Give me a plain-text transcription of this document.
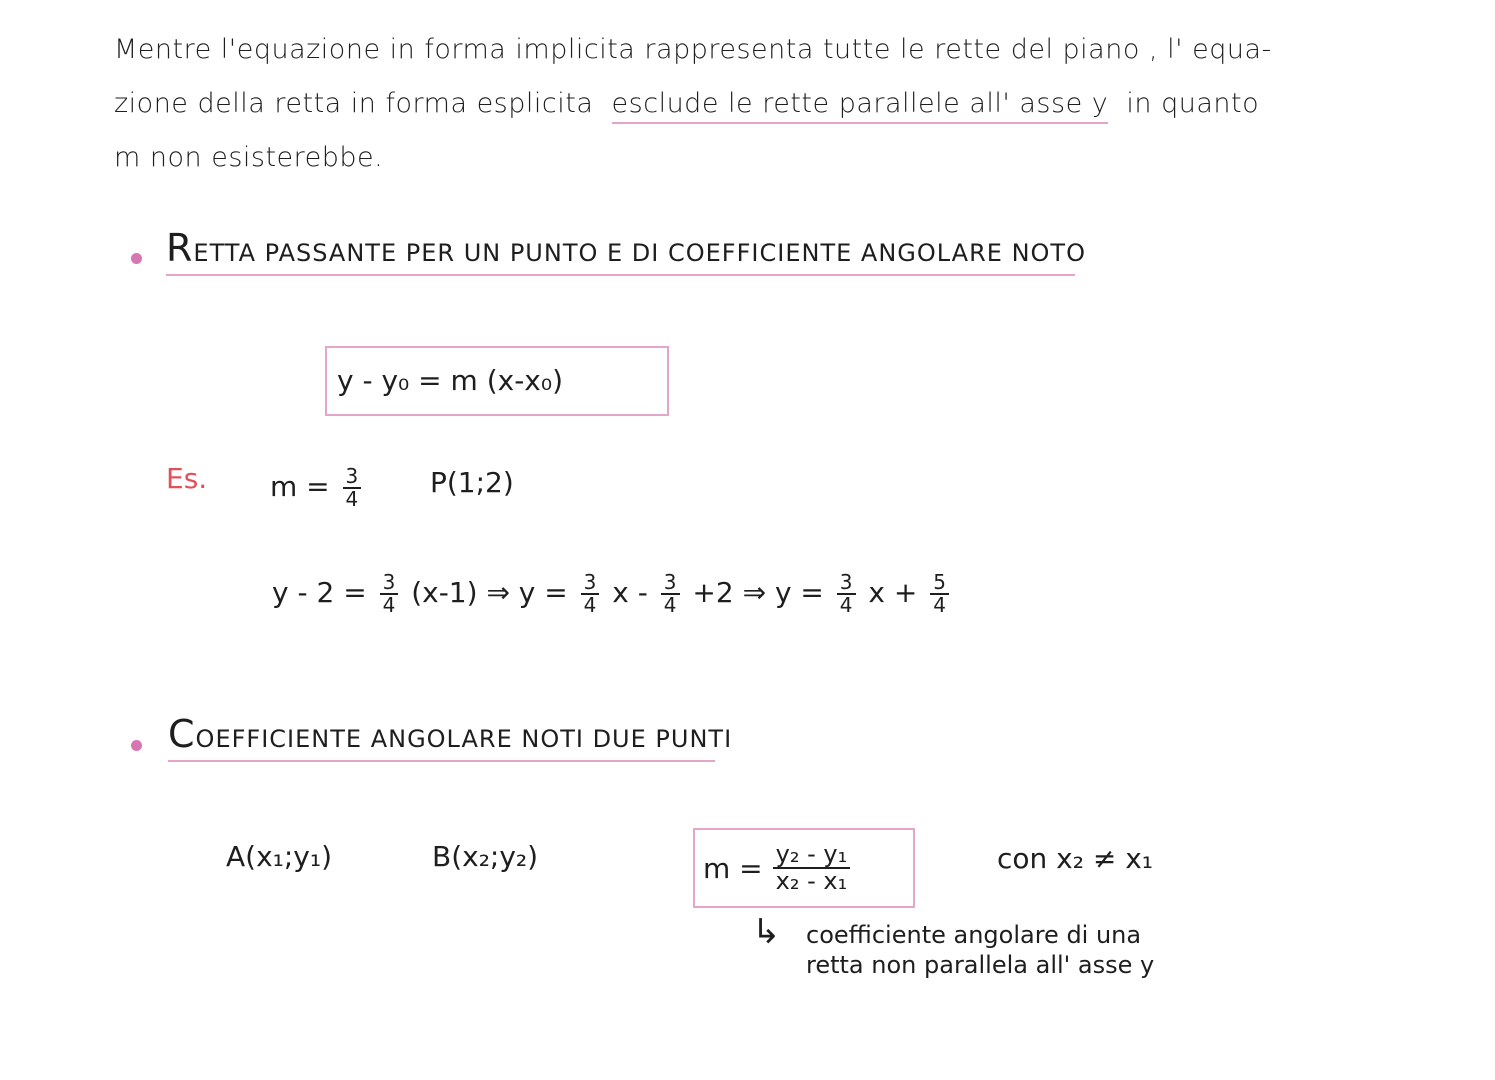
Mentre l'equazione in forma implicita rappresenta tutte le rette del piano , l' equa-
zione della retta in forma esplicita esclude le rette parallele all' asse y in quanto
m non esisterebbe.
RETTA PASSANTE PER UN PUNTO E DI COEFFICIENTE ANGOLARE NOTO
y - y₀ = m (x-x₀)
Es. $m = \frac{3}{4}$ P(1;2)
$y - 2 = \frac{3}{4} (x-1)$ ⇒ $y = \frac{3}{4}$ $x - \frac{3}{4} +2$ ⇒ $y = \frac{3}{4}$ $x + \frac{5}{4}$
COEFFICIENTE ANGOLARE NOTI DUE PUNTI
A(x₁;y₁)	B(x₂;y₂)	$m = \frac{\text{y₂ - y₁}}{\text{x₂ - x₁}}$	con x₂ ≠ x₁
↳ coefficiente angolare di una
retta non parallela all' asse y
